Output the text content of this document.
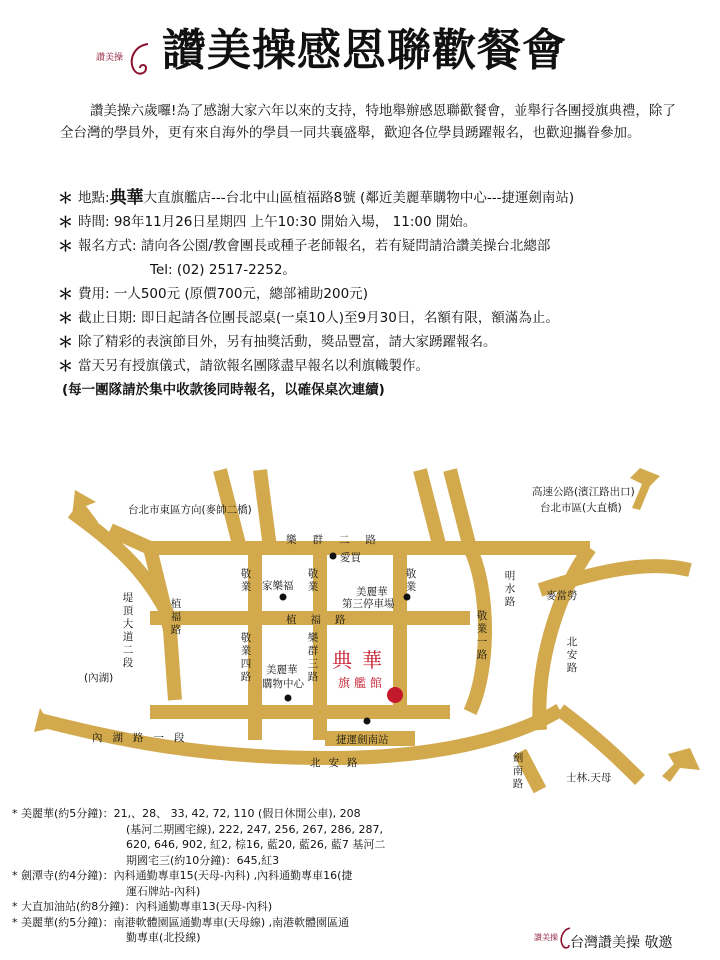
讚美操 讚美操感恩聯歡餐會

讚美操六歲囉!為了感謝大家六年以來的支持，特地舉辦感恩聯歡餐會，並舉行各團授旗典禮，除了全台灣的學員外，更有來自海外的學員一同共襄盛舉，歡迎各位學員踴躍報名，也歡迎攜眷參加。

＊ 地點: 典華 大直旗艦店---台北中山區植福路8號 (鄰近美麗華購物中心---捷運劍南站)
＊ 時間: 98年11月26日星期四 上午10:30 開始入場， 11:00 開始。
＊ 報名方式: 請向各公園/教會團長或種子老師報名，若有疑問請洽讚美操台北總部
Tel: (02) 2517-2252。
＊ 費用: 一人500元 (原價700元，總部補助200元)
＊ 截止日期: 即日起請各位團長認桌(一桌10人)至9月30日，名額有限，額滿為止。
＊ 除了精彩的表演節目外，另有抽獎活動，獎品豐富，請大家踴躍報名。
＊ 當天另有授旗儀式，請欲報名團隊盡早報名以利旗幟製作。
(每一團隊請於集中收款後同時報名，以確保桌次連續)
台北市東區方向(麥帥二橋)
高速公路(濱江路出口)
台北市區(大直橋)
樂群二路
愛買
美麗華
第三停車場
家樂福
敬業
敬業
敬業
敬業一路
敬業四路
樂群三路
植福路
明水路	麥當勞
堤頂大道二段
植福路
美麗華
購物中心
典華
旗艦館
捷運劍南站
北安路
北安路
(內湖)
內湖路一段
劍南路	士林.天母
*
美麗華(約5分鐘)：21,、28、 33, 42, 72, 110 (假日休閒公車), 208
(基河二期國宅線), 222, 247, 256, 267, 286, 287,
620, 646, 902, 紅2, 棕16, 藍20, 藍26, 藍7 基河二
期國宅三(約10分鐘)：645,紅3
*
劍潭寺(約4分鐘)：內科通勤專車15(天母-內科) ,內科通勤專車16(捷
運石牌站-內科)
*
大直加油站(約8分鐘)：內科通勤專車13(天母-內科)
*
美麗華(約5分鐘)：南港軟體園區通勤專車(天母線) ,南港軟體園區通
勤專車(北投線)	讚美操 台灣讚美操 敬邀
